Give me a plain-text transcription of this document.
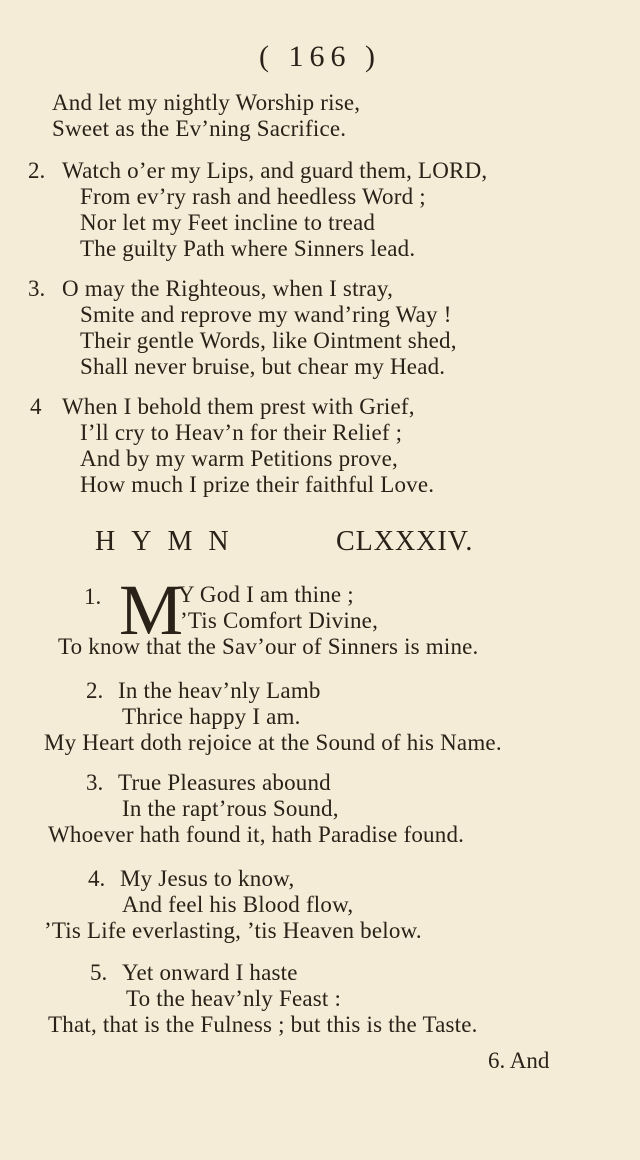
( 166 )
And let my nightly Worship rise,
Sweet as the Ev’ning Sacrifice.
2. Watch o’er my Lips, and guard them, LORD,
From ev’ry rash and heedless Word ;
Nor let my Feet incline to tread
The guilty Path where Sinners lead.
3. O may the Righteous, when I stray,
Smite and reprove my wand’ring Way !
Their gentle Words, like Ointment shed,
Shall never bruise, but chear my Head.
4 When I behold them prest with Grief,
I’ll cry to Heav’n for their Relief ;
And by my warm Petitions prove,
How much I prize their faithful Love.
HYMN	CLXXXIV.
1. M
Y God I am thine ;
’Tis Comfort Divine,
To know that the Sav’our of Sinners is mine.
2. In the heav’nly Lamb
Thrice happy I am.
My Heart doth rejoice at the Sound of his Name.
3. True Pleasures abound
In the rapt’rous Sound,
Whoever hath found it, hath Paradise found.
4. My Jesus to know,
And feel his Blood flow,
’Tis Life everlasting, ’tis Heaven below.
5. Yet onward I haste
To the heav’nly Feast :
That, that is the Fulness ; but this is the Taste.
6. And
